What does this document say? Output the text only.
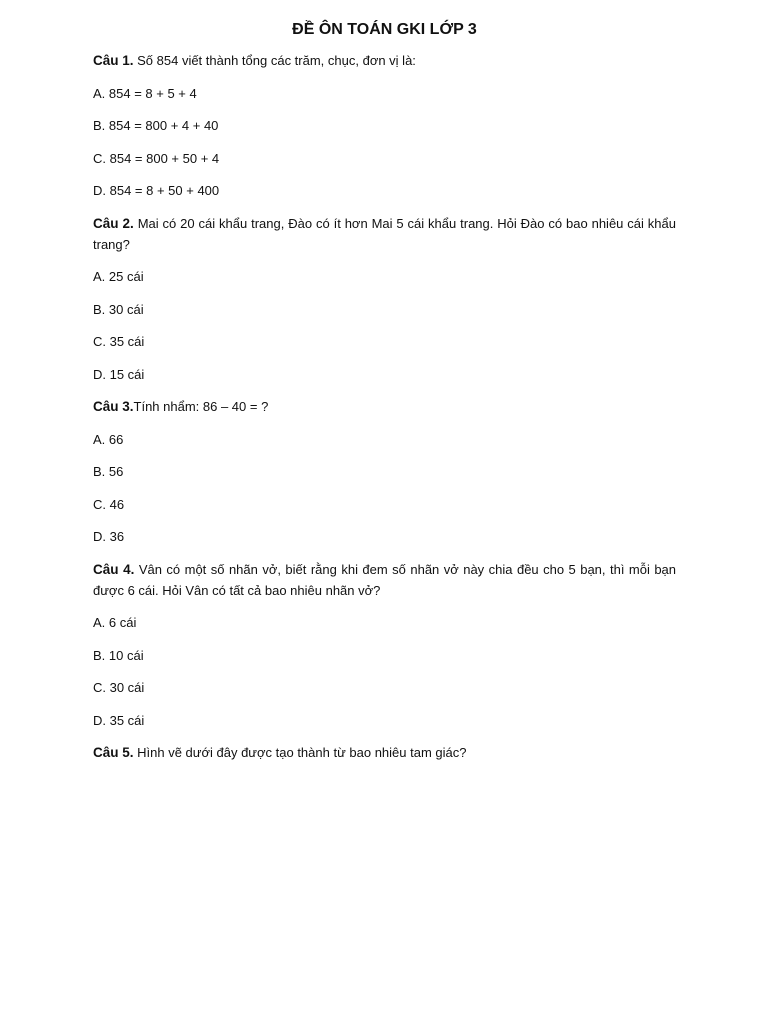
ĐỀ ÔN TOÁN GKI LỚP 3
Câu 1. Số 854 viết thành tổng các trăm, chục, đơn vị là:
A. 854 = 8 + 5 + 4
B. 854 = 800 + 4 + 40
C. 854 = 800 + 50 + 4
D. 854 = 8 + 50 + 400
Câu 2. Mai có 20 cái khẩu trang, Đào có ít hơn Mai 5 cái khẩu trang. Hỏi Đào có bao nhiêu cái khẩu trang?
A. 25 cái
B. 30 cái
C. 35 cái
D. 15 cái
Câu 3.Tính nhẩm: 86 – 40 = ?
A. 66
B. 56
C. 46
D. 36
Câu 4. Vân có một số nhãn vở, biết rằng khi đem số nhãn vở này chia đều cho 5 bạn, thì mỗi bạn được 6 cái. Hỏi Vân có tất cả bao nhiêu nhãn vở?
A. 6 cái
B. 10 cái
C. 30 cái
D. 35 cái
Câu 5. Hình vẽ dưới đây được tạo thành từ bao nhiêu tam giác?
